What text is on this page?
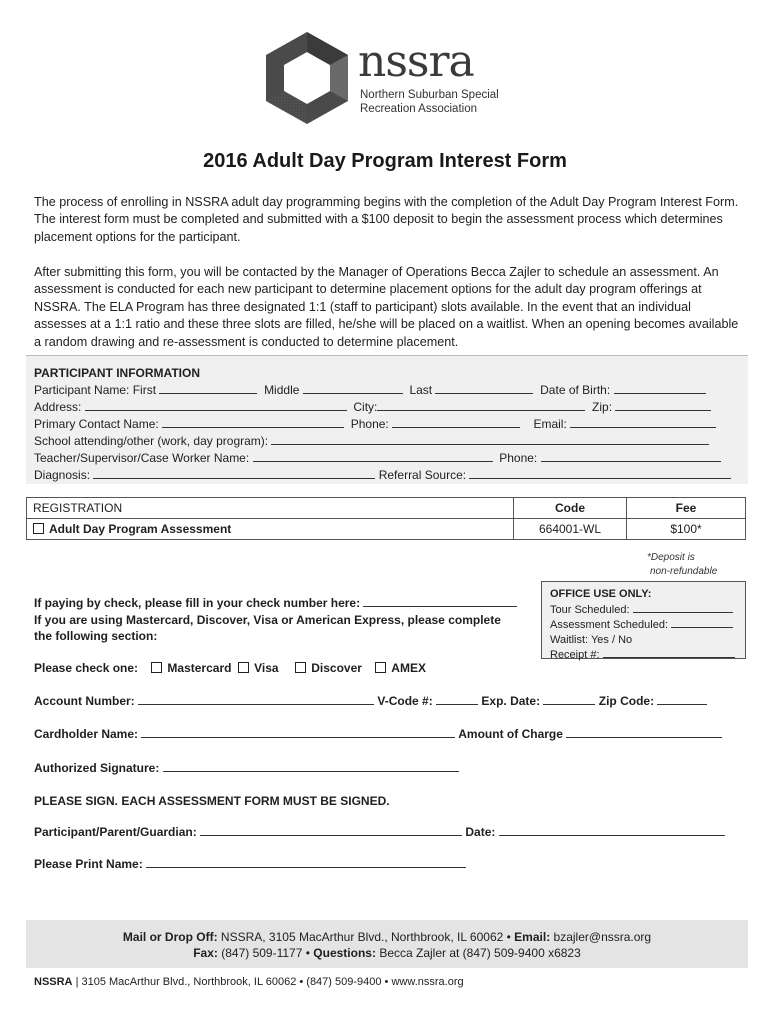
nssra
Northern Suburban Special
Recreation Association
2016 Adult Day Program Interest Form
The process of enrolling in NSSRA adult day programming begins with the completion of the Adult Day Program Interest Form. The interest form must be completed and submitted with a $100 deposit to begin the assessment process which determines placement options for the participant.
After submitting this form, you will be contacted by the Manager of Operations Becca Zajler to schedule an assessment. An assessment is conducted for each new participant to determine placement options for the adult day program offerings at NSSRA. The ELA Program has three designated 1:1 (staff to participant) slots available. In the event that an individual assesses at a 1:1 ratio and these three slots are filled, he/she will be placed on a waitlist. When an opening becomes available a random drawing and re-assessment is conducted to determine placement.
PARTICIPANT INFORMATION
Participant Name: First	Middle	Last	Date of Birth:
Address:	City:	Zip:
Primary Contact Name:	Phone:	Email:
School attending/other (work, day program):
Teacher/Supervisor/Case Worker Name:	Phone:
Diagnosis:	Referral Source:
REGISTRATION	Code	Fee
Adult Day Program Assessment	664001-WL	$100*
*Deposit is
non-refundable
OFFICE USE ONLY:
Tour Scheduled:
Assessment Scheduled:
Waitlist: Yes / No
Receipt #:
If paying by check, please fill in your check number here:
If you are using Mastercard, Discover, Visa or American Express, please complete
the following section:
Please check one: Mastercard Visa	Discover AMEX
Account Number:	V-Code #:	Exp. Date:	Zip Code:
Cardholder Name:	Amount of Charge
Authorized Signature:
PLEASE SIGN. EACH ASSESSMENT FORM MUST BE SIGNED.
Participant/Parent/Guardian:	Date:
Please Print Name:
Mail or Drop Off: NSSRA, 3105 MacArthur Blvd., Northbrook, IL 60062 • Email: bzajler@nssra.org
Fax: (847) 509-1177 • Questions: Becca Zajler at (847) 509-9400 x6823
NSSRA | 3105 MacArthur Blvd., Northbrook, IL 60062 • (847) 509-9400 • www.nssra.org
